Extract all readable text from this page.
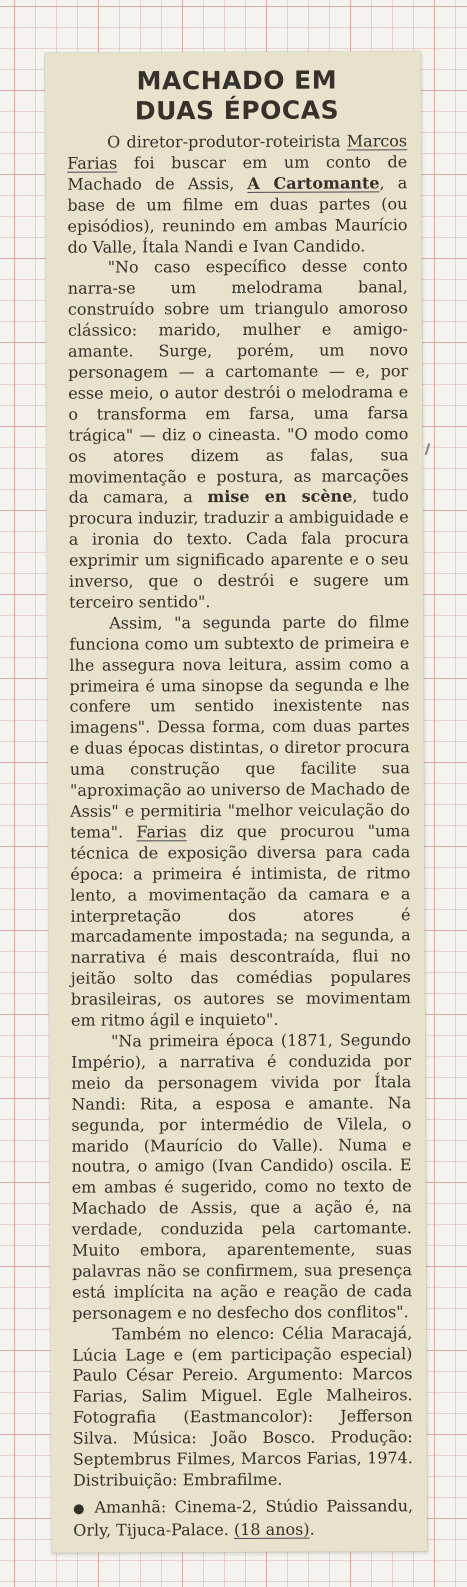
MACHADO EM
DUAS ÉPOCAS

O diretor-produtor-roteirista Marcos Farias foi buscar em um conto de Machado de Assis, A Cartomante, a base de um filme em duas partes (ou episódios), reunindo em ambas Maurício do Valle, Ítala Nandi e Ivan Candido.

"No caso específico desse conto narra-se um melodrama banal, construído sobre um triangulo amoroso clássico: marido, mulher e amigo-amante. Surge, porém, um novo personagem — a cartomante — e, por esse meio, o autor destrói o melodrama e o transforma em farsa, uma farsa trágica" — diz o cineasta. "O modo como os atores dizem as falas, sua movimentação e postura, as marcações da camara, a mise en scène, tudo procura induzir, traduzir a ambiguidade e a ironia do texto. Cada fala procura exprimir um significado aparente e o seu inverso, que o destrói e sugere um terceiro sentido".

Assim, "a segunda parte do filme funciona como um subtexto de primeira e lhe assegura nova leitura, assim como a primeira é uma sinopse da segunda e lhe confere um sentido inexistente nas imagens". Dessa forma, com duas partes e duas épocas distintas, o diretor procura uma construção que facilite sua "aproximação ao universo de Machado de Assis" e permitiria "melhor veiculação do tema". Farias diz que procurou "uma técnica de exposição diversa para cada época: a primeira é intimista, de ritmo lento, a movimentação da camara e a interpretação dos atores é marcadamente impostada; na segunda, a narrativa é mais descontraída, flui no jeitão solto das comédias populares brasileiras, os autores se movimentam em ritmo ágil e inquieto".

"Na primeira época (1871, Segundo Império), a narrativa é conduzida por meio da personagem vivida por Ítala Nandi: Rita, a esposa e amante. Na segunda, por intermédio de Vilela, o marido (Maurício do Valle). Numa e noutra, o amigo (Ivan Candido) oscila. E em ambas é sugerido, como no texto de Machado de Assis, que a ação é, na verdade, conduzida pela cartomante. Muito embora, aparentemente, suas palavras não se confirmem, sua presença está implícita na ação e reação de cada personagem e no desfecho dos conflitos".

Também no elenco: Célia Maracajá, Lúcia Lage e (em participação especial) Paulo César Pereio. Argumento: Marcos Farias, Salim Miguel. Egle Malheiros. Fotografia (Eastmancolor): Jefferson Silva. Música: João Bosco. Produção: Septembrus Filmes, Marcos Farias, 1974. Distribuição: Embrafilme.

● Amanhã: Cinema-2, Stúdio Paissandu, Orly, Tijuca-Palace. (18 anos).
